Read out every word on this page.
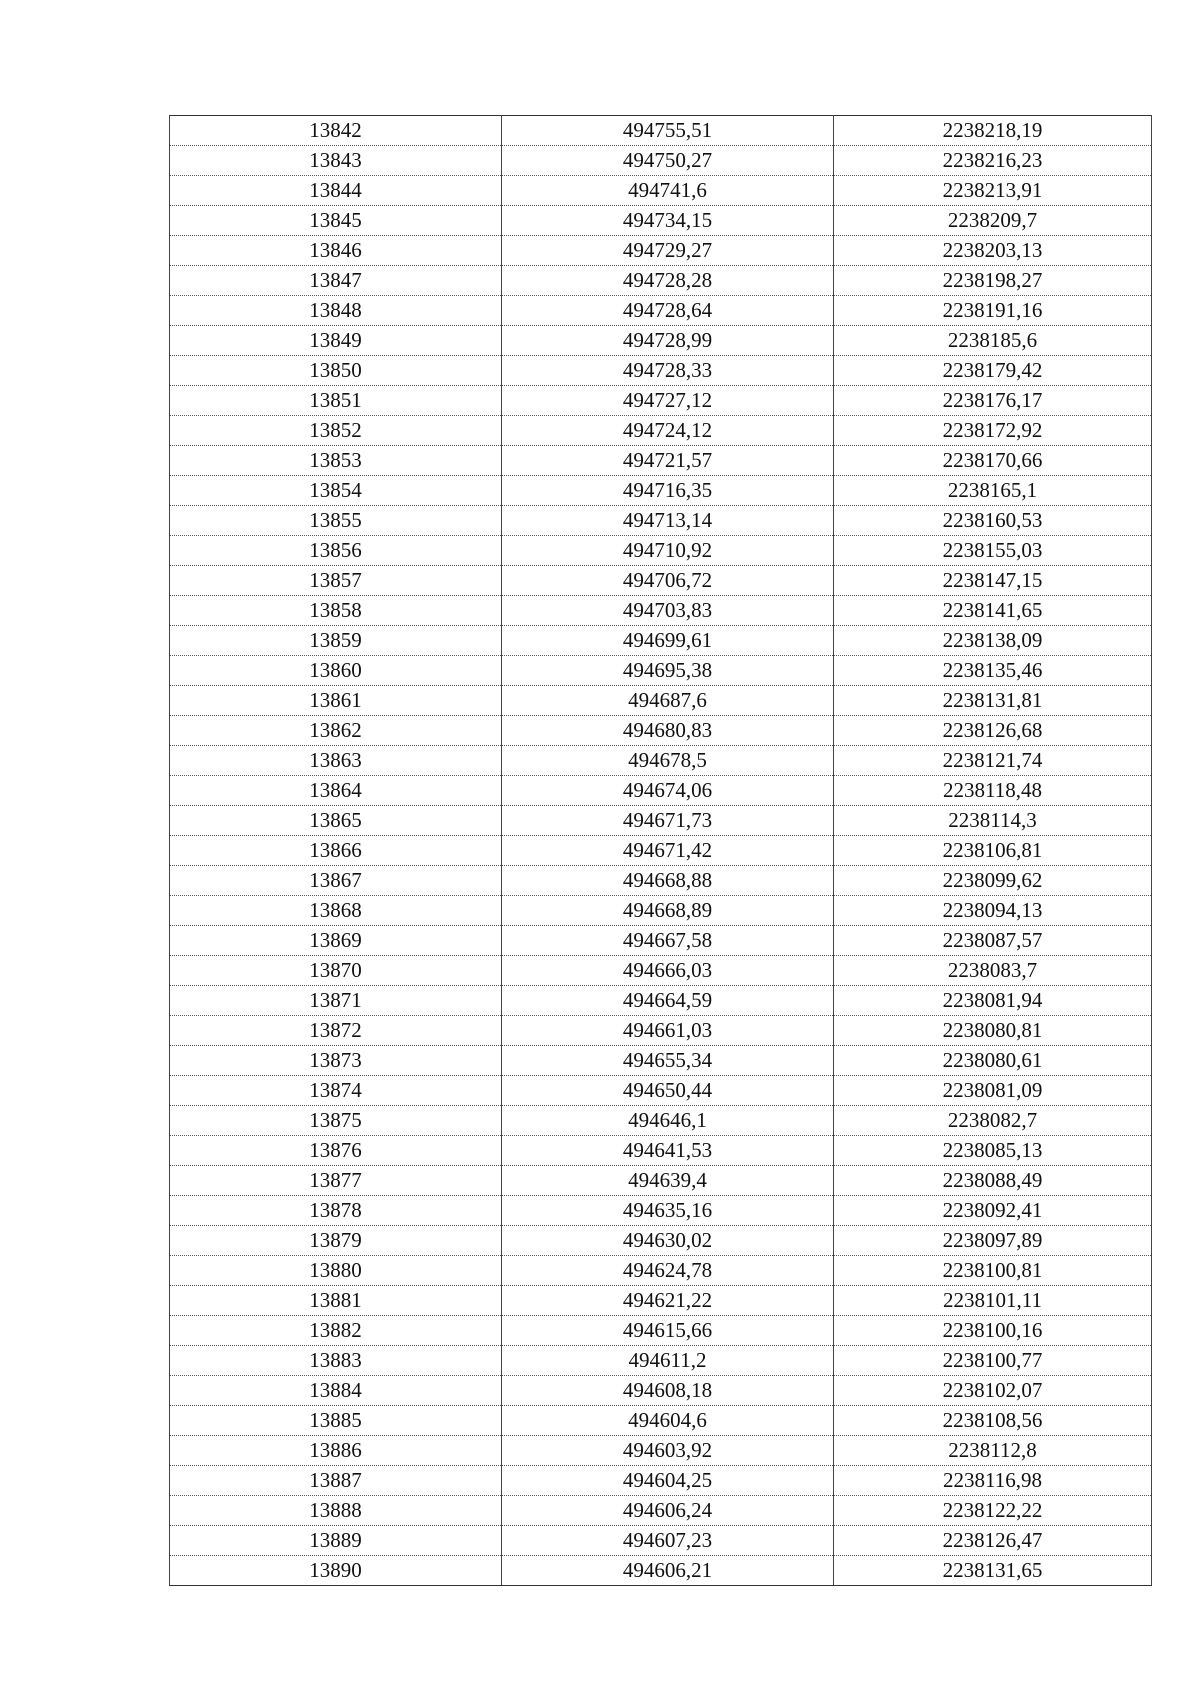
13842	494755,51	2238218,19
13843	494750,27	2238216,23
13844	494741,6	2238213,91
13845	494734,15	2238209,7
13846	494729,27	2238203,13
13847	494728,28	2238198,27
13848	494728,64	2238191,16
13849	494728,99	2238185,6
13850	494728,33	2238179,42
13851	494727,12	2238176,17
13852	494724,12	2238172,92
13853	494721,57	2238170,66
13854	494716,35	2238165,1
13855	494713,14	2238160,53
13856	494710,92	2238155,03
13857	494706,72	2238147,15
13858	494703,83	2238141,65
13859	494699,61	2238138,09
13860	494695,38	2238135,46
13861	494687,6	2238131,81
13862	494680,83	2238126,68
13863	494678,5	2238121,74
13864	494674,06	2238118,48
13865	494671,73	2238114,3
13866	494671,42	2238106,81
13867	494668,88	2238099,62
13868	494668,89	2238094,13
13869	494667,58	2238087,57
13870	494666,03	2238083,7
13871	494664,59	2238081,94
13872	494661,03	2238080,81
13873	494655,34	2238080,61
13874	494650,44	2238081,09
13875	494646,1	2238082,7
13876	494641,53	2238085,13
13877	494639,4	2238088,49
13878	494635,16	2238092,41
13879	494630,02	2238097,89
13880	494624,78	2238100,81
13881	494621,22	2238101,11
13882	494615,66	2238100,16
13883	494611,2	2238100,77
13884	494608,18	2238102,07
13885	494604,6	2238108,56
13886	494603,92	2238112,8
13887	494604,25	2238116,98
13888	494606,24	2238122,22
13889	494607,23	2238126,47
13890	494606,21	2238131,65
